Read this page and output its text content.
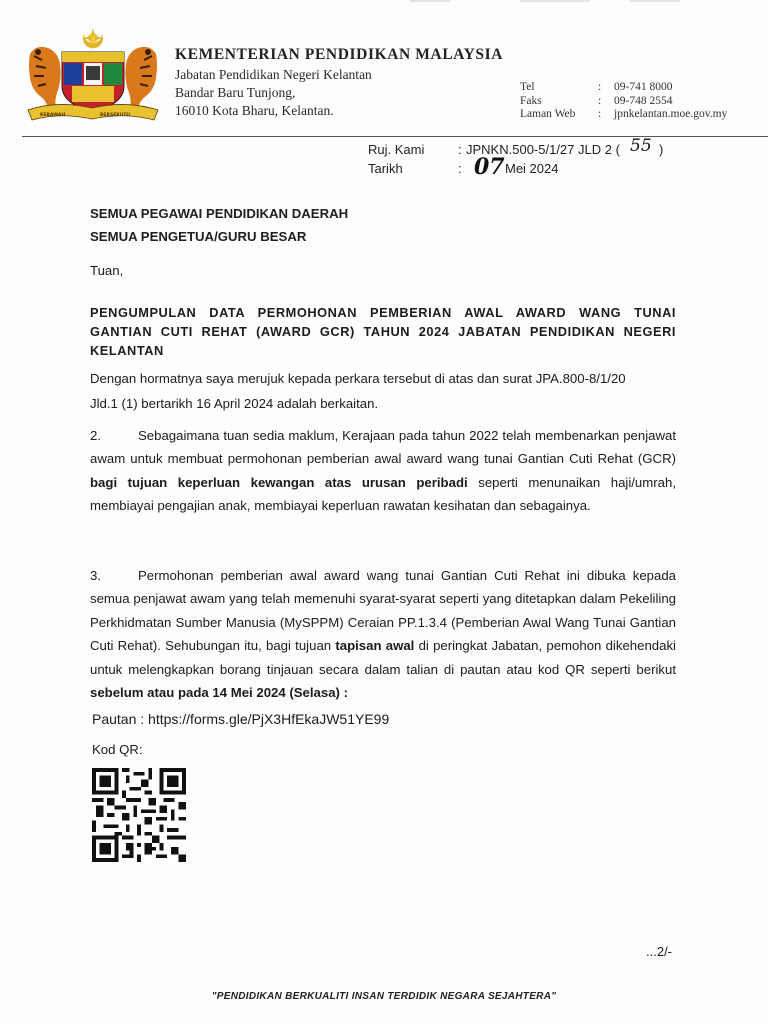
KEBAWAH	BERSEKUTU
KEMENTERIAN PENDIDIKAN MALAYSIA
Jabatan Pendidikan Negeri Kelantan
Bandar Baru Tunjong,
16010 Kota Bharu, Kelantan.
Tel	: 09-741 8000
Faks	: 09-748 2554
Laman Web : jpnkelantan.moe.gov.my
Ruj. Kami	: JPNKN.500-5/1/27 JLD 2 ( 55 )
Tarikh	: 07 Mei 2024
SEMUA PEGAWAI PENDIDIKAN DAERAH
SEMUA PENGETUA/GURU BESAR
Tuan,
PENGUMPULAN DATA PERMOHONAN PEMBERIAN AWAL AWARD WANG TUNAI GANTIAN CUTI REHAT (AWARD GCR) TAHUN 2024 JABATAN PENDIDIKAN NEGERI KELANTAN
Dengan hormatnya saya merujuk kepada perkara tersebut di atas dan surat JPA.800-8/1/20
Jld.1 (1) bertarikh 16 April 2024 adalah berkaitan.
2.	Sebagaimana tuan sedia maklum, Kerajaan pada tahun 2022 telah membenarkan penjawat awam untuk membuat permohonan pemberian awal award wang tunai Gantian Cuti Rehat (GCR) bagi tujuan keperluan kewangan atas urusan peribadi seperti menunaikan haji/umrah, membiayai pengajian anak, membiayai keperluan rawatan kesihatan dan sebagainya.
3.	Permohonan pemberian awal award wang tunai Gantian Cuti Rehat ini dibuka kepada semua penjawat awam yang telah memenuhi syarat-syarat seperti yang ditetapkan dalam Pekeliling Perkhidmatan Sumber Manusia (MySPPM) Ceraian PP.1.3.4 (Pemberian Awal Wang Tunai Gantian Cuti Rehat). Sehubungan itu, bagi tujuan tapisan awal di peringkat Jabatan, pemohon dikehendaki untuk melengkapkan borang tinjauan secara dalam talian di pautan atau kod QR seperti berikut sebelum atau pada 14 Mei 2024 (Selasa) :
Pautan : https://forms.gle/PjX3HfEkaJW51YE99
Kod QR:
...2/-
"PENDIDIKAN BERKUALITI INSAN TERDIDIK NEGARA SEJAHTERA"
